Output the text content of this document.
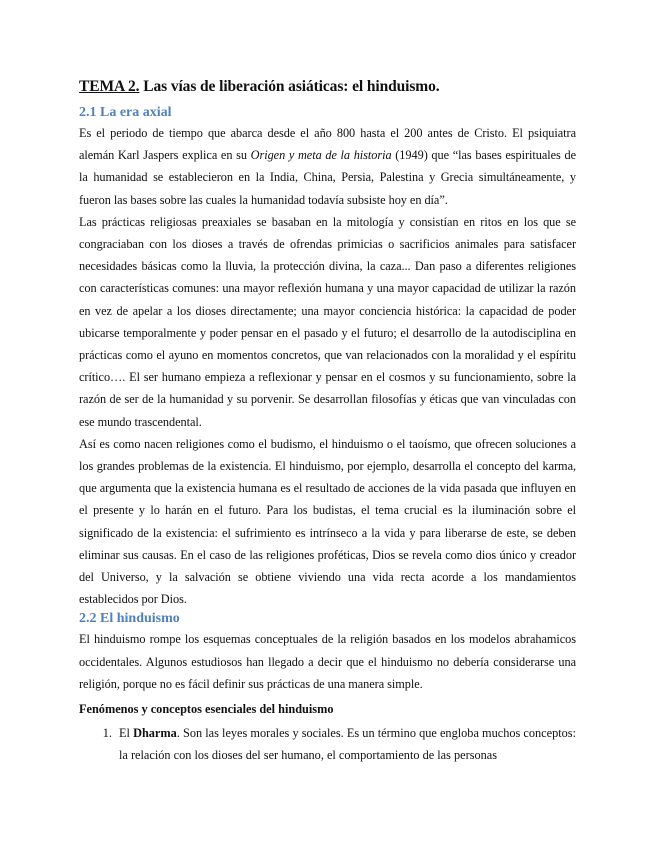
TEMA 2. Las vías de liberación asiáticas: el hinduismo.
2.1 La era axial

Es el periodo de tiempo que abarca desde el año 800 hasta el 200 antes de Cristo. El psiquiatra alemán Karl Jaspers explica en su Origen y meta de la historia (1949) que “las bases espirituales de la humanidad se establecieron en la India, China, Persia, Palestina y Grecia simultáneamente, y fueron las bases sobre las cuales la humanidad todavía subsiste hoy en día”.

Las prácticas religiosas preaxiales se basaban en la mitología y consistían en ritos en los que se congraciaban con los dioses a través de ofrendas primicias o sacrificios animales para satisfacer necesidades básicas como la lluvia, la protección divina, la caza... Dan paso a diferentes religiones con características comunes: una mayor reflexión humana y una mayor capacidad de utilizar la razón en vez de apelar a los dioses directamente; una mayor conciencia histórica: la capacidad de poder ubicarse temporalmente y poder pensar en el pasado y el futuro; el desarrollo de la autodisciplina en prácticas como el ayuno en momentos concretos, que van relacionados con la moralidad y el espíritu crítico…. El ser humano empieza a reflexionar y pensar en el cosmos y su funcionamiento, sobre la razón de ser de la humanidad y su porvenir. Se desarrollan filosofías y éticas que van vinculadas con ese mundo trascendental.

Así es como nacen religiones como el budismo, el hinduismo o el taoísmo, que ofrecen soluciones a los grandes problemas de la existencia. El hinduismo, por ejemplo, desarrolla el concepto del karma, que argumenta que la existencia humana es el resultado de acciones de la vida pasada que influyen en el presente y lo harán en el futuro. Para los budistas, el tema crucial es la iluminación sobre el significado de la existencia: el sufrimiento es intrínseco a la vida y para liberarse de este, se deben eliminar sus causas. En el caso de las religiones proféticas, Dios se revela como dios único y creador del Universo, y la salvación se obtiene viviendo una vida recta acorde a los mandamientos establecidos por Dios.

2.2 El hinduismo

El hinduismo rompe los esquemas conceptuales de la religión basados en los modelos abrahamicos occidentales. Algunos estudiosos han llegado a decir que el hinduismo no debería considerarse una religión, porque no es fácil definir sus prácticas de una manera simple.

Fenómenos y conceptos esenciales del hinduismo
1. El Dharma. Son las leyes morales y sociales. Es un término que engloba muchos conceptos: la relación con los dioses del ser humano, el comportamiento de las personas
